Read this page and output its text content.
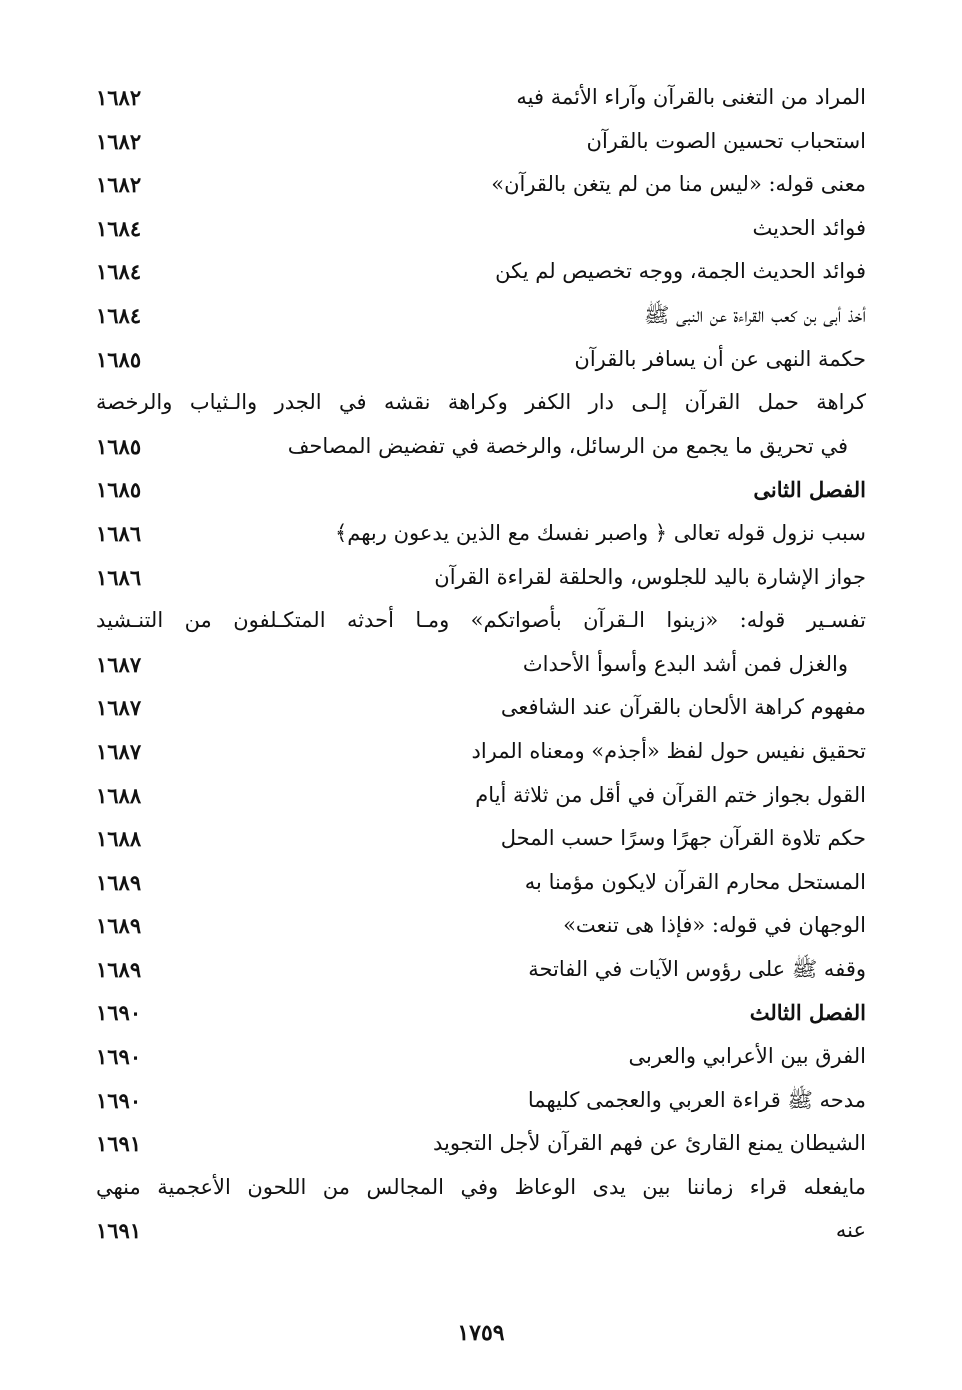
المراد من التغنى بالقرآن وآراء الأئمة فيه
١٦٨٢
استحباب تحسين الصوت بالقرآن
١٦٨٢
معنى قوله: «ليس منا من لم يتغن بالقرآن»
١٦٨٢
فوائد الحديث
١٦٨٤
فوائد الحديث الجمة، ووجه تخصيص لم يكن
١٦٨٤
أخذ أبى بن كعب القراءة عن النبى ﷺ
١٦٨٤
حكمة النهى عن أن يسافر بالقرآن
١٦٨٥
كراهة حمل القرآن إلـى دار الكفر وكراهة نقشه في الجدر والـثياب والرخصة
في تحريق ما يجمع من الرسائل، والرخصة في تفضيض المصاحف
١٦٨٥
الفصل الثانى
١٦٨٥
سبب نزول قوله تعالى ﴿ واصبر نفسك مع الذين يدعون ربهم﴾
١٦٨٦
جواز الإشارة باليد للجلوس، والحلقة لقراءة القرآن
١٦٨٦
تفسـير قوله: «زينوا الـقرآن بأصواتكم» ومـا أحدثه المتكـلفون من التنـشيد
والغزل فمن أشد البدع وأسوأ الأحداث
١٦٨٧
مفهوم كراهة الألحان بالقرآن عند الشافعى
١٦٨٧
تحقيق نفيس حول لفظ «أجذم» ومعناه المراد
١٦٨٧
القول بجواز ختم القرآن في أقل من ثلاثة أيام
١٦٨٨
حكم تلاوة القرآن جهرًا وسرًا حسب المحل
١٦٨٨
المستحل محارم القرآن لايكون مؤمنا به
١٦٨٩
الوجهان في قوله: «فإذا هى تنعت»
١٦٨٩
وقفه ﷺ على رؤوس الآيات في الفاتحة
١٦٨٩
الفصل الثالث
١٦٩٠
الفرق بين الأعرابي والعربى
١٦٩٠
مدحه ﷺ قراءة العربي والعجمى كليهما
١٦٩٠
الشيطان يمنع القارئ عن فهم القرآن لأجل التجويد
١٦٩١
مايفعله قراء زماننا بين يدى الوعاظ وفي المجالس من اللحون الأعجمية منهي
عنه
١٦٩١
١٧٥٩
